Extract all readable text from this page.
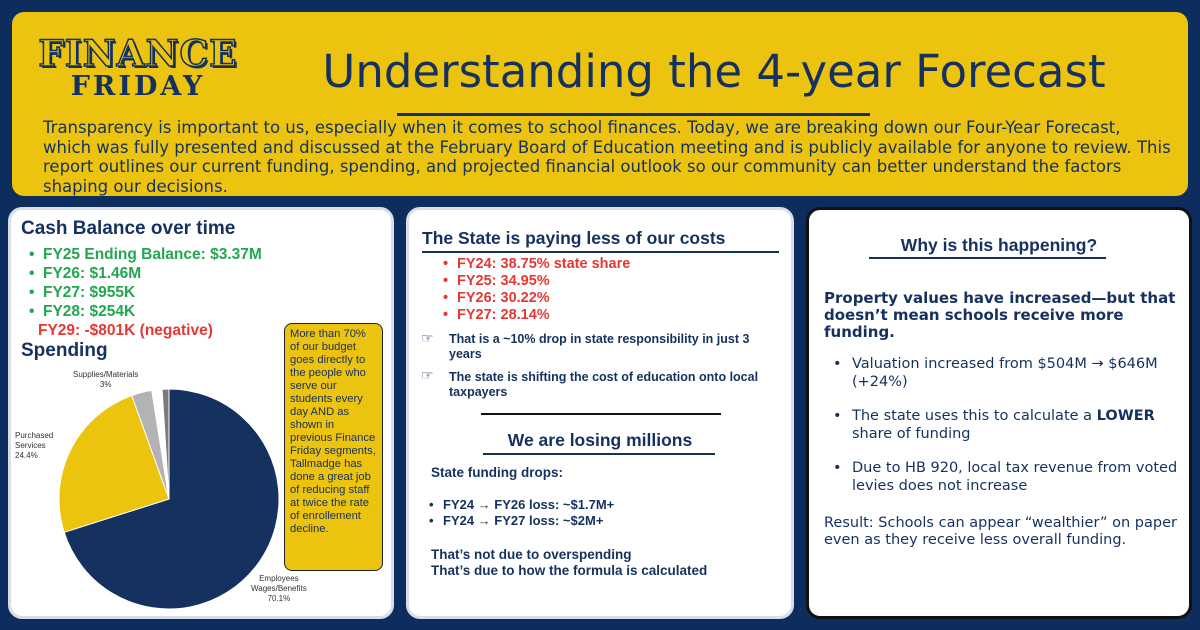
FINANCE
FRIDAY	Understanding the 4-year Forecast
Transparency is important to us, especially when it comes to school finances. Today, we are breaking down our Four-Year Forecast, which was fully presented and discussed at the February Board of Education meeting and is publicly available for anyone to review. This report outlines our current funding, spending, and projected financial outlook so our community can better understand the factors shaping our decisions.
Cash Balance over time
• FY25 Ending Balance: $3.37M
• FY26: $1.46M
• FY27: $955K
• FY28: $254K
FY29: -$801K (negative)
Spending
Supplies/Materials
3%
Purchased
Services
24.4%
Employees
Wages/Benefits
70.1%
More than 70% of our budget goes directly to the people who serve our students every day AND as shown in previous Finance Friday segments, Tallmadge has done a great job of reducing staff at twice the rate of enrollement decline.
The State is paying less of our costs
• FY24: 38.75% state share
• FY25: 34.95%
• FY26: 30.22%
• FY27: 28.14%
☞ That is a ~10% drop in state responsibility in just 3 years
☞ The state is shifting the cost of education onto local taxpayers
We are losing millions
State funding drops:
• FY24 → FY26 loss: ~$1.7M+
• FY24 → FY27 loss: ~$2M+
That’s not due to overspending
That’s due to how the formula is calculated
Why is this happening?
Property values have increased—but that doesn’t mean schools receive more funding.
• Valuation increased from $504M → $646M (+24%)
• The state uses this to calculate a LOWER share of funding
• Due to HB 920, local tax revenue from voted levies does not increase
Result: Schools can appear “wealthier” on paper even as they receive less overall funding.
